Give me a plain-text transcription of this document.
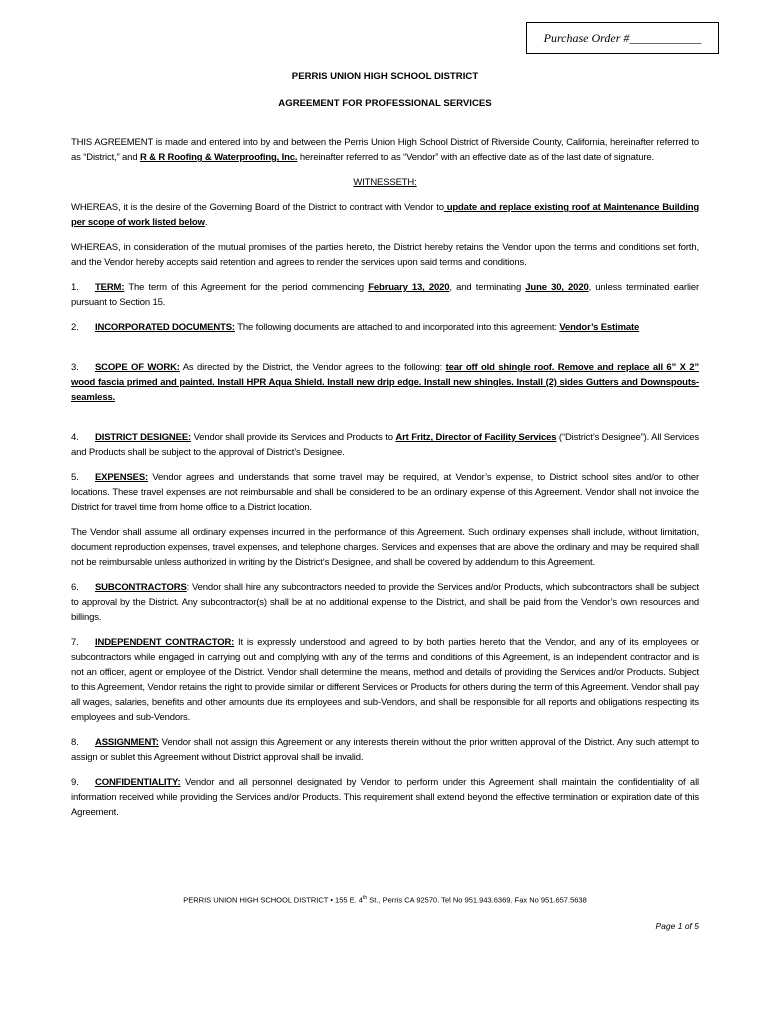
Purchase Order #____________
PERRIS UNION HIGH SCHOOL DISTRICT
AGREEMENT FOR PROFESSIONAL SERVICES

THIS AGREEMENT is made and entered into by and between the Perris Union High School District of Riverside County, California, hereinafter referred to as “District,” and R & R Roofing & Waterproofing, Inc. hereinafter referred to as “Vendor” with an effective date as of the last date of signature.

WITNESSETH:

WHEREAS, it is the desire of the Governing Board of the District to contract with Vendor to update and replace existing roof at Maintenance Building per scope of work listed below.

WHEREAS, in consideration of the mutual promises of the parties hereto, the District hereby retains the Vendor upon the terms and conditions set forth, and the Vendor hereby accepts said retention and agrees to render the services upon said terms and conditions.

1. TERM: The term of this Agreement for the period commencing February 13, 2020, and terminating June 30, 2020, unless terminated earlier pursuant to Section 15.

2. INCORPORATED DOCUMENTS: The following documents are attached to and incorporated into this agreement: Vendor’s Estimate

3. SCOPE OF WORK: As directed by the District, the Vendor agrees to the following: tear off old shingle roof. Remove and replace all 6” X 2” wood fascia primed and painted. Install HPR Aqua Shield. Install new drip edge. Install new shingles. Install (2) sides Gutters and Downspouts- seamless.

4. DISTRICT DESIGNEE: Vendor shall provide its Services and Products to Art Fritz, Director of Facility Services (“District’s Designee”). All Services and Products shall be subject to the approval of District’s Designee.

5. EXPENSES: Vendor agrees and understands that some travel may be required, at Vendor’s expense, to District school sites and/or to other locations. These travel expenses are not reimbursable and shall be considered to be an ordinary expense of this Agreement. Vendor shall not invoice the District for travel time from home office to a District location.

The Vendor shall assume all ordinary expenses incurred in the performance of this Agreement. Such ordinary expenses shall include, without limitation, document reproduction expenses, travel expenses, and telephone charges. Services and expenses that are above the ordinary and may be required shall not be reimbursable unless authorized in writing by the District’s Designee, and shall be covered by addendum to this Agreement.

6. SUBCONTRACTORS: Vendor shall hire any subcontractors needed to provide the Services and/or Products, which subcontractors shall be subject to approval by the District. Any subcontractor(s) shall be at no additional expense to the District, and shall be paid from the Vendor’s own resources and billings.

7. INDEPENDENT CONTRACTOR: It is expressly understood and agreed to by both parties hereto that the Vendor, and any of its employees or subcontractors while engaged in carrying out and complying with any of the terms and conditions of this Agreement, is an independent contractor and is not an officer, agent or employee of the District. Vendor shall determine the means, method and details of providing the Services and/or Products. Subject to this Agreement, Vendor retains the right to provide similar or different Services or Products for others during the term of this Agreement. Vendor shall pay all wages, salaries, benefits and other amounts due its employees and sub-Vendors, and shall be responsible for all reports and obligations respecting its employees and sub-Vendors.

8. ASSIGNMENT: Vendor shall not assign this Agreement or any interests therein without the prior written approval of the District. Any such attempt to assign or sublet this Agreement without District approval shall be invalid.

9. CONFIDENTIALITY: Vendor and all personnel designated by Vendor to perform under this Agreement shall maintain the confidentiality of all information received while providing the Services and/or Products. This requirement shall extend beyond the effective termination or expiration date of this Agreement.

PERRIS UNION HIGH SCHOOL DISTRICT • 155 E. 4th St., Perris CA 92570. Tel No 951.943.6369. Fax No 951.657.5638
Page 1 of 5
